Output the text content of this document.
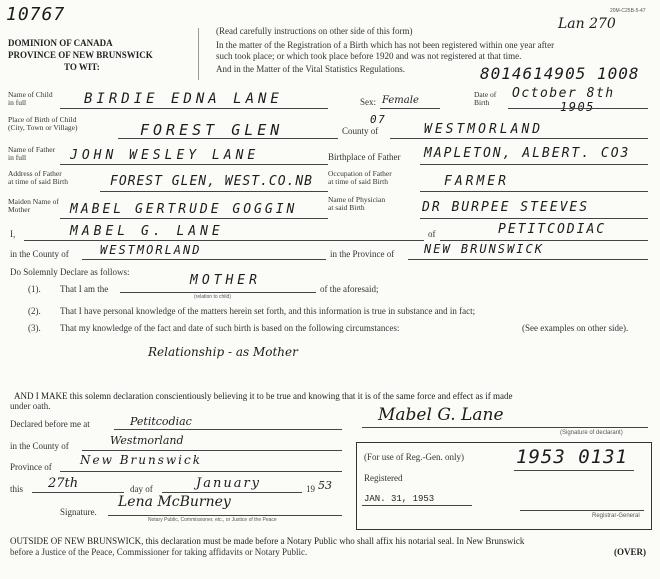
10767
DOMINION OF CANADA
PROVINCE OF NEW BRUNSWICK
TO WIT:
(Read carefully instructions on other side of this form)
In the matter of the Registration of a Birth which has not been registered within one year after
such took place; or which took place before 1920 and was not registered at that time.
And in the Matter of the Vital Statistics Regulations.
20M-C25B-5-47
Lan 270
8014614905 1008
Name of Child
in full	BIRDIE EDNA LANE	Sex: Female
Date of
Birth
October 8th
1905
Place of Birth of Child
(City, Town or Village)	FOREST GLEN
07
County of	WESTMORLAND
Name of Father
in full	JOHN WESLEY LANE	Birthplace of Father MAPLETON, ALBERT. CO3
Address of Father
at time of said Birth	FOREST GLEN, WEST.CO.NB
Occupation of Father
at time of said Birth	FARMER
Maiden Name of
Mother	MABEL GERTRUDE GOGGIN
Name of Physician
at said Birth	DR BURPEE STEEVES
I,	MABEL G. LANE	of	PETITCODIAC
in the County of	WESTMORLAND	in the Province of NEW BRUNSWICK
Do Solemnly Declare as follows:
(1). That I am the
MOTHER
(relation to child)
of the aforesaid;
(2). That I have personal knowledge of the matters herein set forth, and this information is true in substance and in fact;
(3). That my knowledge of the fact and date of such birth is based on the following circumstances:	(See examples on other side).
Relationship - as Mother
AND I MAKE this solemn declaration conscientiously believing it to be true and knowing that it is of the same force and effect as if made
under oath.
Declared before me at	Petitcodiac	Mabel G. Lane
(Signature of declarant)
in the County of	Westmorland
Province of New Brunswick
this 27th	day of	January	19 53
Signature.
Lena McBurney
Notary Public, Commissioner, etc., or Justice of the Peace
(For use of Reg.-Gen. only)	1953 0131
Registered
JAN. 31, 1953
Registrar-General
OUTSIDE OF NEW BRUNSWICK, this declaration must be made before a Notary Public who shall affix his notarial seal. In New Brunswick
before a Justice of the Peace, Commissioner for taking affidavits or Notary Public.	(OVER)
